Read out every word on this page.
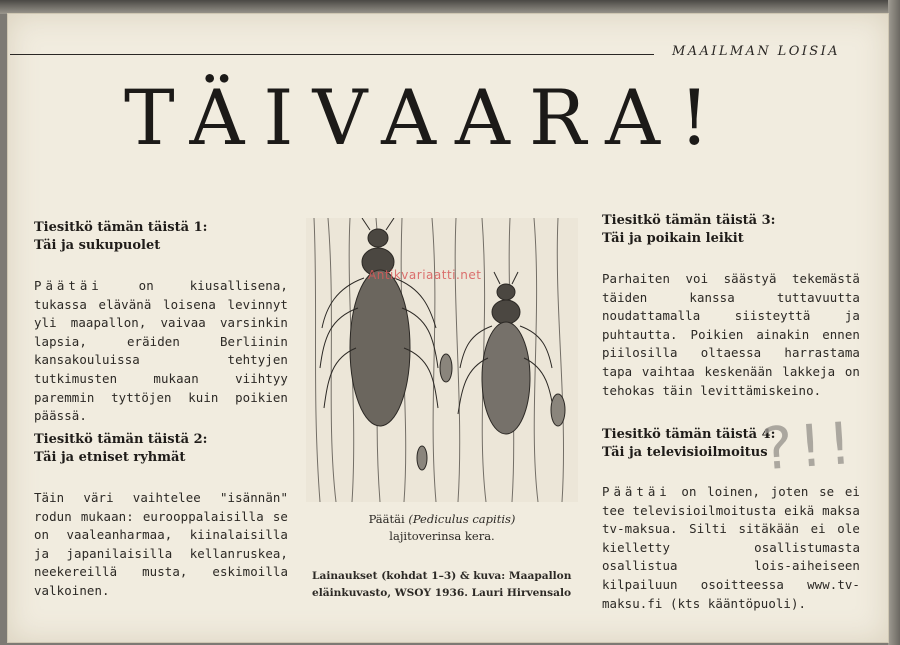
MAAILMAN LOISIA
TÄIVAARA!
Tiesitkö tämän täistä 1:
Täi ja sukupuolet
Päätäi on kiusallisena, tukassa elävänä loisena levinnyt yli maapallon, vaivaa varsinkin lapsia, eräiden Berliinin kansakouluissa tehtyjen tutkimusten mukaan viihtyy paremmin tyttöjen kuin poikien päässä.
Tiesitkö tämän täistä 2:
Täi ja etniset ryhmät
Täin väri vaihtelee "isännän" rodun mukaan: eurooppalaisilla se on vaaleanharmaa, kiinalaisilla ja japanilaisilla kellanruskea, neekereillä musta, eskimoilla valkoinen.
Antikvariaatti.net
Päätäi (Pediculus capitis)
lajitoverinsa kera.
Lainaukset (kohdat 1–3) & kuva: Maapallon eläinkuvasto, WSOY 1936. Lauri Hirvensalo
Tiesitkö tämän täistä 3:
Täi ja poikain leikit
Parhaiten voi säästyä tekemästä täiden kanssa tuttavuutta noudattamalla siisteyttä ja puhtautta. Poikien ainakin ennen piilosilla oltaessa harrastama tapa vaihtaa keskenään lakkeja on tehokas täin levittämiskeino.
Tiesitkö tämän täistä 4:
Täi ja televisioilmoitus
Päätäi on loinen, joten se ei tee televisioilmoitusta eikä maksa tv-maksua. Silti sitäkään ei ole kielletty osallistumasta osallistua lois-aiheiseen kilpailuun osoitteessa www.tv-maksu.fi (kts kääntöpuoli).
?!!
